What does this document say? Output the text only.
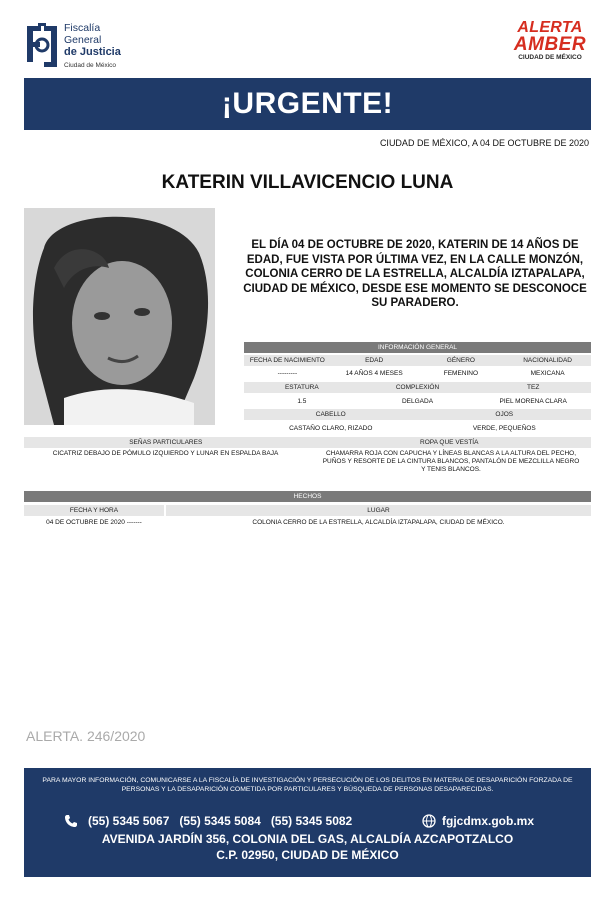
Fiscalía
General
de Justicia
Ciudad de México
ALERTA
AMBER
CIUDAD DE MÉXICO
¡URGENTE!
CIUDAD DE MÉXICO, A 04 DE OCTUBRE DE 2020
KATERIN VILLAVICENCIO LUNA
EL DÍA 04 DE OCTUBRE DE 2020, KATERIN DE 14 AÑOS DE EDAD, FUE VISTA POR ÚLTIMA VEZ, EN LA CALLE MONZÓN, COLONIA CERRO DE LA ESTRELLA, ALCALDÍA IZTAPALAPA, CIUDAD DE MÉXICO, DESDE ESE MOMENTO SE DESCONOCE SU PARADERO.
INFORMACIÓN GENERAL
FECHA DE NACIMIENTO	EDAD	GÉNERO	NACIONALIDAD
---------	14 AÑOS 4 MESES	FEMENINO	MEXICANA
ESTATURA	COMPLEXIÓN	TEZ
1.5	DELGADA	PIEL MORENA CLARA
CABELLO	OJOS
CASTAÑO CLARO, RIZADO	VERDE, PEQUEÑOS
SEÑAS PARTICULARES	ROPA QUE VESTÍA
CICATRIZ DEBAJO DE PÓMULO IZQUIERDO Y LUNAR EN ESPALDA BAJA	CHAMARRA ROJA CON CAPUCHA Y LÍNEAS BLANCAS A LA ALTURA DEL PECHO, PUÑOS Y RESORTE DE LA CINTURA BLANCOS, PANTALÓN DE MEZCLILLA NEGRO Y TENIS BLANCOS.
HECHOS
FECHA Y HORA	LUGAR
04 DE OCTUBRE DE 2020 -------	COLONIA CERRO DE LA ESTRELLA, ALCALDÍA IZTAPALAPA, CIUDAD DE MÉXICO.
ALERTA. 246/2020
PARA MAYOR INFORMACIÓN, COMUNICARSE A LA FISCALÍA DE INVESTIGACIÓN Y PERSECUCIÓN DE LOS DELITOS EN MATERIA DE DESAPARICIÓN FORZADA DE PERSONAS Y LA DESAPARICIÓN COMETIDA POR PARTICULARES Y BÚSQUEDA DE PERSONAS DESAPARECIDAS.
(55) 5345 5067 (55) 5345 5084 (55) 5345 5082	fgjcdmx.gob.mx
AVENIDA JARDÍN 356, COLONIA DEL GAS, ALCALDÍA AZCAPOTZALCO
C.P. 02950, CIUDAD DE MÉXICO
